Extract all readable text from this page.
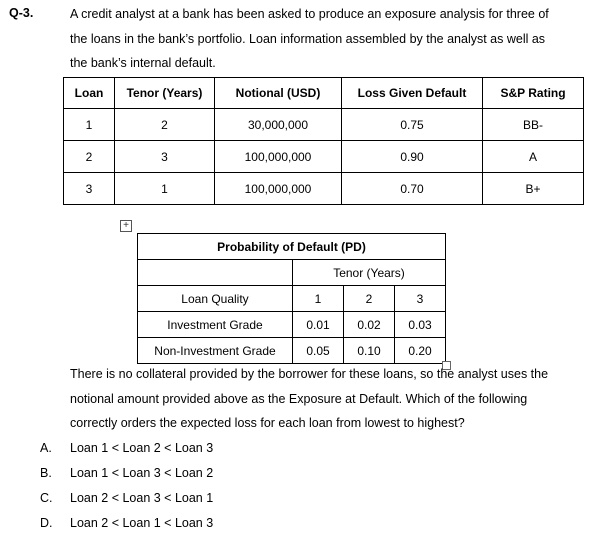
Q-3.	A credit analyst at a bank has been asked to produce an exposure analysis for three of
the loans in the bank’s portfolio. Loan information assembled by the analyst as well as
the bank’s internal default.
Loan	Tenor (Years)	Notional (USD)	Loss Given Default	S&P Rating
1	2	30,000,000	0.75	BB-
2	3	100,000,000	0.90	A
3	1	100,000,000	0.70	B+
+
Probability of Default (PD)			
	Tenor (Years)		
Loan Quality	1	2	3
Investment Grade	0.01	0.02	0.03
Non-Investment Grade	0.05	0.10	0.20
There is no collateral provided by the borrower for these loans, so the analyst uses the
notional amount provided above as the Exposure at Default. Which of the following
correctly orders the expected loss for each loan from lowest to highest?
A. Loan 1 < Loan 2 < Loan 3
B. Loan 1 < Loan 3 < Loan 2
C. Loan 2 < Loan 3 < Loan 1
D. Loan 2 < Loan 1 < Loan 3
